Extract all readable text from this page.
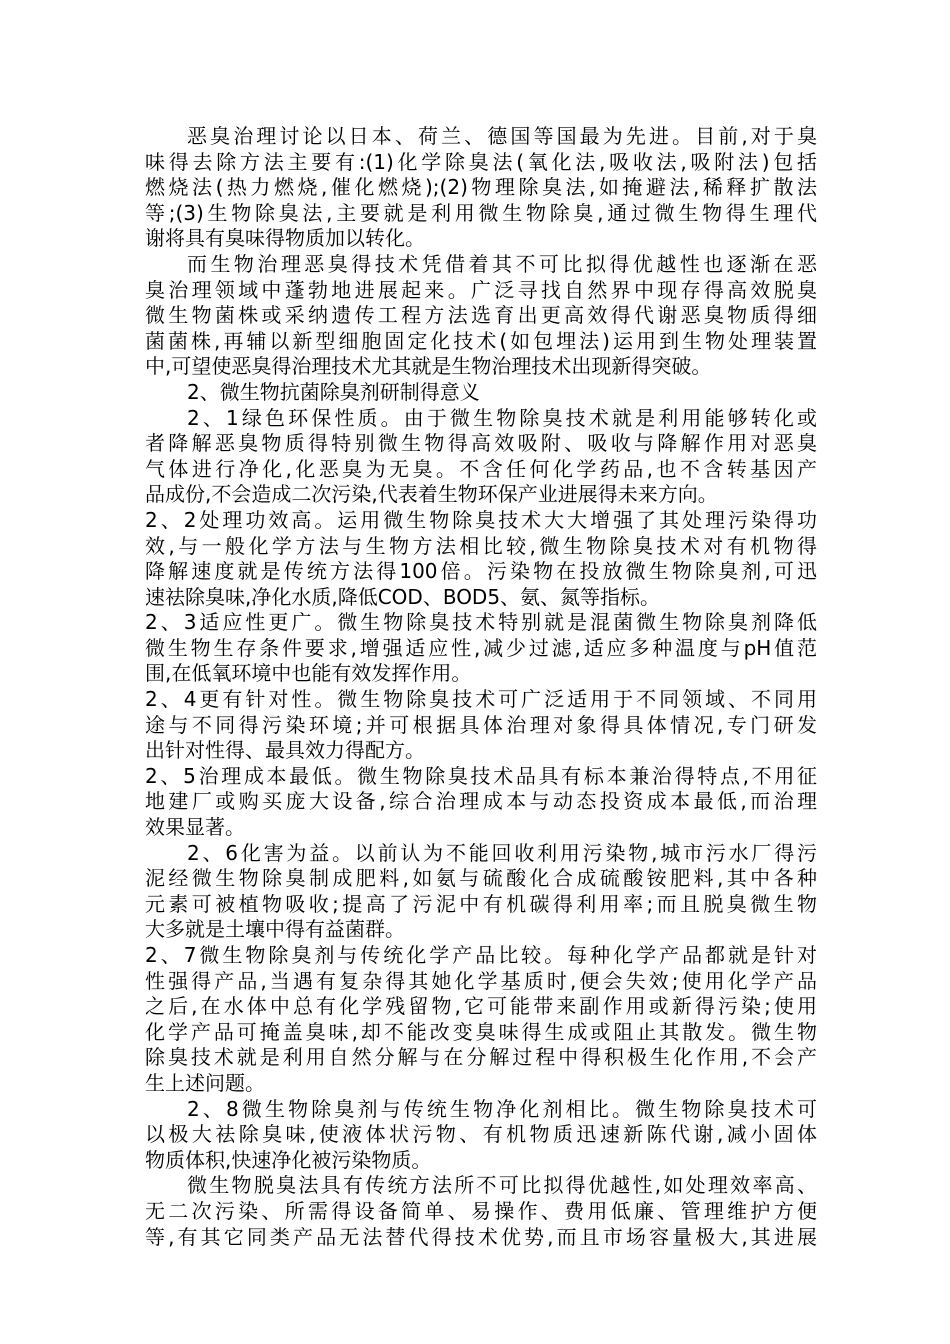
恶臭治理讨论以日本、荷兰、德国等国最为先进。目前,对于臭
味得去除方法主要有:(1)化学除臭法(氧化法,吸收法,吸附法)包括
燃烧法(热力燃烧,催化燃烧);(2)物理除臭法,如掩避法,稀释扩散法
等;(3)生物除臭法,主要就是利用微生物除臭,通过微生物得生理代
谢将具有臭味得物质加以转化。
而生物治理恶臭得技术凭借着其不可比拟得优越性也逐渐在恶
臭治理领域中蓬勃地进展起来。广泛寻找自然界中现存得高效脱臭
微生物菌株或采纳遗传工程方法选育出更高效得代谢恶臭物质得细
菌菌株,再辅以新型细胞固定化技术(如包埋法)运用到生物处理装置
中,可望使恶臭得治理技术尤其就是生物治理技术出现新得突破。
2、微生物抗菌除臭剂研制得意义
2、1绿色环保性质。由于微生物除臭技术就是利用能够转化或
者降解恶臭物质得特别微生物得高效吸附、吸收与降解作用对恶臭
气体进行净化,化恶臭为无臭。不含任何化学药品,也不含转基因产
品成份,不会造成二次污染,代表着生物环保产业进展得未来方向。
2、2处理功效高。运用微生物除臭技术大大增强了其处理污染得功
效,与一般化学方法与生物方法相比较,微生物除臭技术对有机物得
降解速度就是传统方法得100倍。污染物在投放微生物除臭剂,可迅
速祛除臭味,净化水质,降低COD、BOD5、氨、氮等指标。
2、3适应性更广。微生物除臭技术特别就是混菌微生物除臭剂降低
微生物生存条件要求,增强适应性,减少过滤,适应多种温度与pH值范
围,在低氧环境中也能有效发挥作用。
2、4更有针对性。微生物除臭技术可广泛适用于不同领域、不同用
途与不同得污染环境;并可根据具体治理对象得具体情况,专门研发
出针对性得、最具效力得配方。
2、5治理成本最低。微生物除臭技术品具有标本兼治得特点,不用征
地建厂或购买庞大设备,综合治理成本与动态投资成本最低,而治理
效果显著。
2、6化害为益。以前认为不能回收利用污染物,城市污水厂得污
泥经微生物除臭制成肥料,如氨与硫酸化合成硫酸铵肥料,其中各种
元素可被植物吸收;提高了污泥中有机碳得利用率;而且脱臭微生物
大多就是土壤中得有益菌群。
2、7微生物除臭剂与传统化学产品比较。每种化学产品都就是针对
性强得产品,当遇有复杂得其她化学基质时,便会失效;使用化学产品
之后,在水体中总有化学残留物,它可能带来副作用或新得污染;使用
化学产品可掩盖臭味,却不能改变臭味得生成或阻止其散发。微生物
除臭技术就是利用自然分解与在分解过程中得积极生化作用,不会产
生上述问题。
2、8微生物除臭剂与传统生物净化剂相比。微生物除臭技术可
以极大祛除臭味,使液体状污物、有机物质迅速新陈代谢,减小固体
物质体积,快速净化被污染物质。
微生物脱臭法具有传统方法所不可比拟得优越性,如处理效率高、
无二次污染、所需得设备简单、易操作、费用低廉、管理维护方便
等,有其它同类产品无法替代得技术优势,而且市场容量极大,其进展
